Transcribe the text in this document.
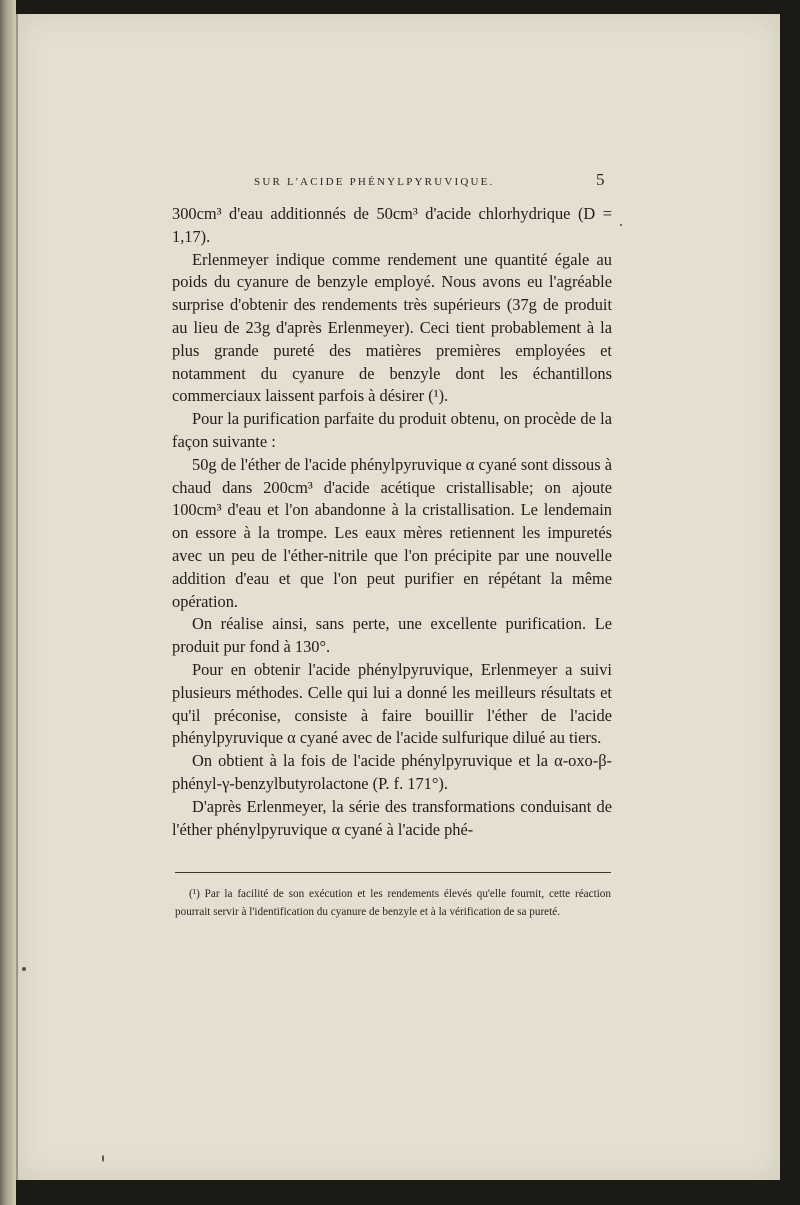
SUR L'ACIDE PHÉNYLPYRUVIQUE.	5

300cm³ d'eau additionnés de 50cm³ d'acide chlorhydrique (D = 1,17).

Erlenmeyer indique comme rendement une quantité égale au poids du cyanure de benzyle employé. Nous avons eu l'agréable surprise d'obtenir des rendements très supérieurs (37g de produit au lieu de 23g d'après Erlenmeyer). Ceci tient probablement à la plus grande pureté des matières premières employées et notamment du cyanure de benzyle dont les échantillons commerciaux laissent parfois à désirer (¹).

Pour la purification parfaite du produit obtenu, on procède de la façon suivante :

50g de l'éther de l'acide phénylpyruvique α cyané sont dissous à chaud dans 200cm³ d'acide acétique cristallisable; on ajoute 100cm³ d'eau et l'on abandonne à la cristallisation. Le lendemain on essore à la trompe. Les eaux mères retiennent les impuretés avec un peu de l'éther-nitrile que l'on précipite par une nouvelle addition d'eau et que l'on peut purifier en répétant la même opération.

On réalise ainsi, sans perte, une excellente purification. Le produit pur fond à 130°.

Pour en obtenir l'acide phénylpyruvique, Erlenmeyer a suivi plusieurs méthodes. Celle qui lui a donné les meilleurs résultats et qu'il préconise, consiste à faire bouillir l'éther de l'acide phénylpyruvique α cyané avec de l'acide sulfurique dilué au tiers.

On obtient à la fois de l'acide phénylpyruvique et la α-oxo-β-phényl-γ-benzylbutyrolactone (P. f. 171°).

D'après Erlenmeyer, la série des transformations conduisant de l'éther phénylpyruvique α cyané à l'acide phé-

(¹) Par la facilité de son exécution et les rendements élevés qu'elle fournit, cette réaction pourrait servir à l'identification du cyanure de benzyle et à la vérification de sa pureté.
